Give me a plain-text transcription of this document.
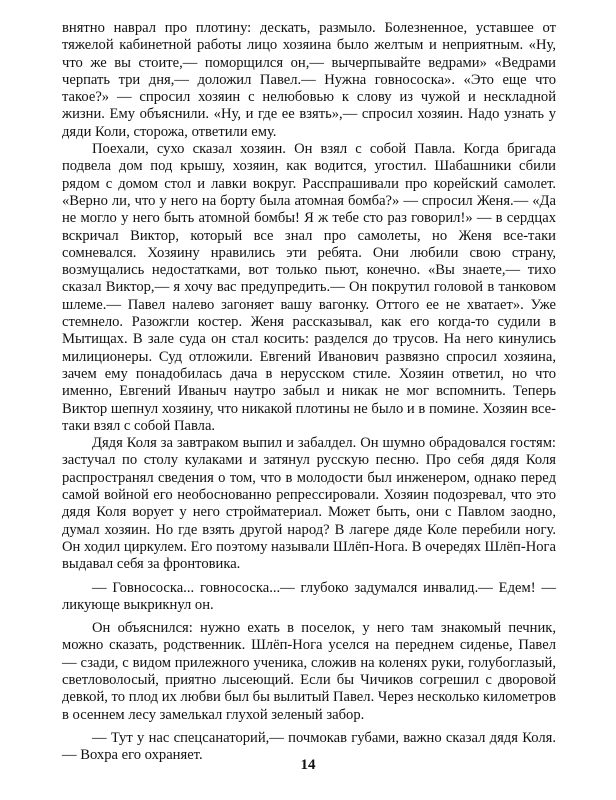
внятно наврал про плотину: дескать, размыло. Болезненное, уставшее от тяжелой кабинетной работы лицо хозяина было желтым и неприятным. «Ну, что же вы стоите,— поморщился он,— вычерпывайте ведрами» «Ведрами черпать три дня,— доложил Павел.— Нужна говнососка». «Это еще что такое?» — спросил хозяин с нелюбовью к слову из чужой и нескладной жизни. Ему объяснили. «Ну, и где ее взять»,— спросил хозяин. Надо узнать у дяди Коли, сторожа, ответили ему.

Поехали, сухо сказал хозяин. Он взял с собой Павла. Когда бригада подвела дом под крышу, хозяин, как водится, угостил. Шабашники сбили рядом с домом стол и лавки вокруг. Расспрашивали про корейский самолет. «Верно ли, что у него на борту была атомная бомба?» — спросил Женя.— «Да не могло у него быть атомной бомбы! Я ж тебе сто раз говорил!» — в сердцах вскричал Виктор, который все знал про самолеты, но Женя все-таки сомневался. Хозяину нравились эти ребята. Они любили свою страну, возмущались недостатками, вот только пьют, конечно. «Вы знаете,— тихо сказал Виктор,— я хочу вас предупредить.— Он покрутил головой в танковом шлеме.— Павел налево загоняет вашу вагонку. Оттого ее не хватает». Уже стемнело. Разожгли костер. Женя рассказывал, как его когда-то судили в Мытищах. В зале суда он стал косить: разделся до трусов. На него кинулись милиционеры. Суд отложили. Евгений Иванович развязно спросил хозяина, зачем ему понадобилась дача в нерусском стиле. Хозяин ответил, но что именно, Евгений Иваныч наутро забыл и никак не мог вспомнить. Теперь Виктор шепнул хозяину, что никакой плотины не было и в помине. Хозяин все-таки взял с собой Павла.

Дядя Коля за завтраком выпил и забалдел. Он шумно обрадовался гостям: застучал по столу кулаками и затянул русскую песню. Про себя дядя Коля распространял сведения о том, что в молодости был инженером, однако перед самой войной его необоснованно репрессировали. Хозяин подозревал, что это дядя Коля ворует у него стройматериал. Может быть, они с Павлом заодно, думал хозяин. Но где взять другой народ? В лагере дяде Коле перебили ногу. Он ходил циркулем. Его поэтому называли Шлёп-Нога. В очередях Шлёп-Нога выдавал себя за фронтовика.

— Говнососка... говнососка...— глубоко задумался инвалид.— Едем! — ликующе выкрикнул он.

Он объяснился: нужно ехать в поселок, у него там знакомый печник, можно сказать, родственник. Шлёп-Нога уселся на переднем сиденье, Павел — сзади, с видом прилежного ученика, сложив на коленях руки, голубоглазый, светловолосый, приятно лысеющий. Если бы Чичиков согрешил с дворовой девкой, то плод их любви был бы вылитый Павел. Через несколько километров в осеннем лесу замелькал глухой зеленый забор.

— Тут у нас спецсанаторий,— почмокав губами, важно сказал дядя Коля.— Вохра его охраняет.

14
